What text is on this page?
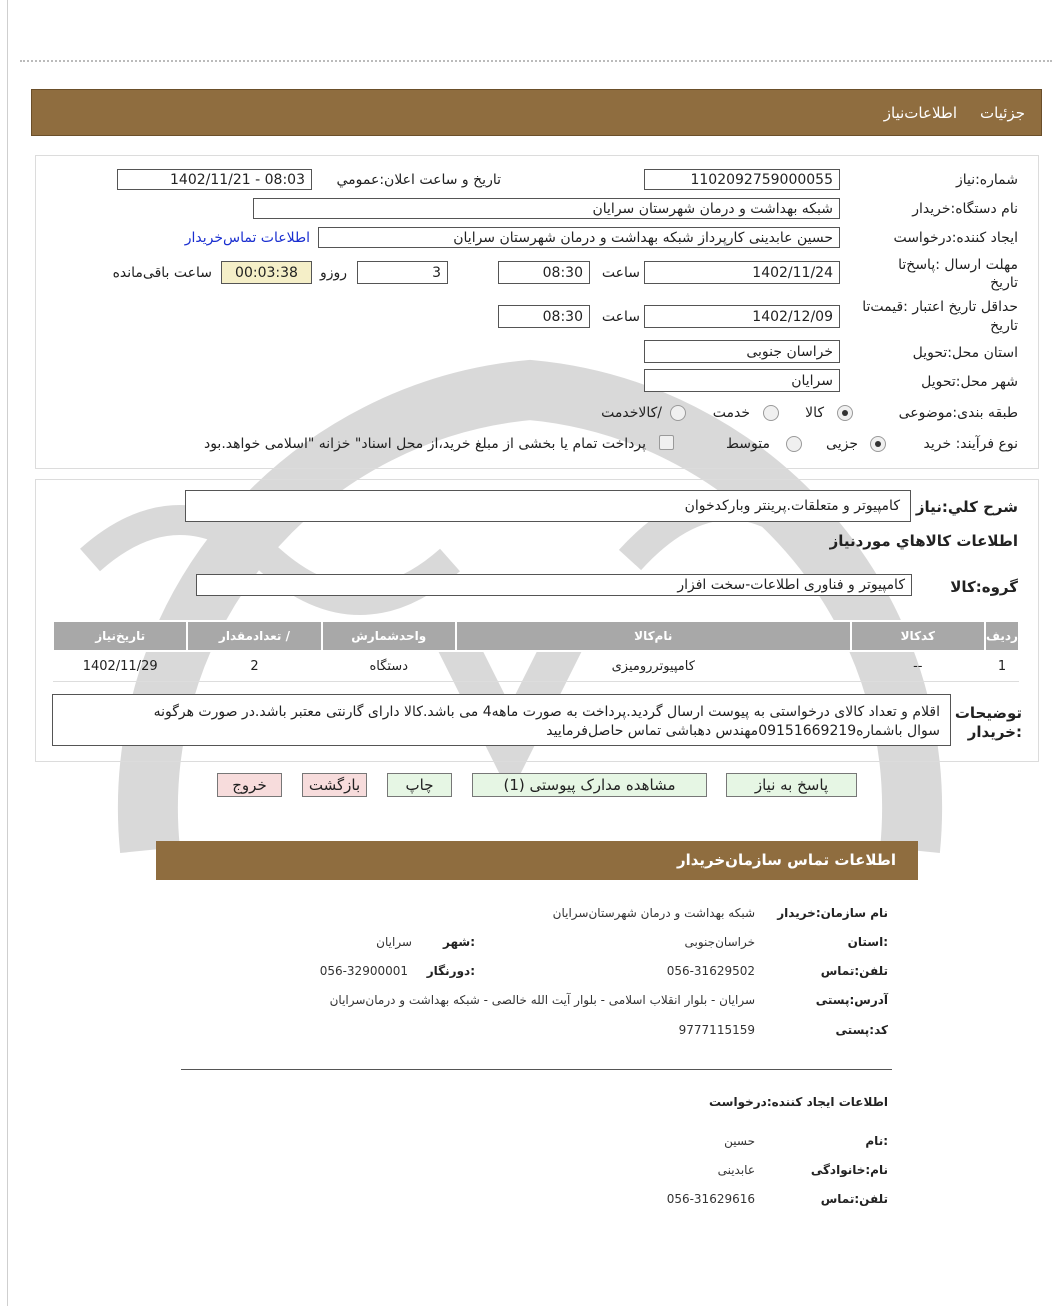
جزئیات
اطلاعات‌نیاز
شماره:نیاز
1102092759000055
تاریخ و ساعت اعلان:عمومي
1402/11/21 - 08:03
نام دستگاه:خریدار
شبکه بهداشت و درمان شهرستان سرایان
ایجاد کننده:درخواست
حسین عابدینی کارپرداز شبکه بهداشت و درمان شهرستان سرایان
اطلاعات تماس‌خریدار
مهلت ارسال :پاسخ‌تا تاریخ
1402/11/24
ساعت
08:30
3
روزو
00:03:38
ساعت باقی‌مانده
حداقل تاریخ اعتبار :قیمت‌تا تاریخ
1402/12/09
ساعت
08:30
استان محل:تحویل
خراسان جنوبی
شهر محل:تحویل
سرایان
طبقه بندی:موضوعی
کالا
خدمت
/کالاخدمت
نوع فرآیند: خرید
جزیی
متوسط
پرداخت تمام یا بخشی از مبلغ خرید،از محل اسناد" خزانه "اسلامی خواهد.بود
شرح کلي:نیاز
کامپیوتر و متعلقات.پرینتر وبارکدخوان
اطلاعات کالاهاي موردنیاز
گروه:کالا
کامپیوتر و فناوری اطلاعات-سخت افزار
ردیف	کدکالا	نام‌کالا	واحدشمارش	/ تعدادمقدار	تاریخ‌نیاز
1	--	کامپیوتررومیزی	دستگاه	2	1402/11/29
توضیحات :خریدار
اقلام و تعداد کالای درخواستی به پیوست ارسال گردید.پرداخت به صورت ماهه4 می باشد.کالا دارای گارنتی معتبر باشد.در صورت هرگونه
سوال باشماره09151669219مهندس دهباشی تماس حاصل‌فرمایید
پاسخ به نیاز
مشاهده مدارک پیوستی (1)
چاپ
بازگشت
خروج
اطلاعات تماس سازمان‌خریدار
نام سازمان:خریدار
شبکه بهداشت و درمان شهرستان‌سرایان
:استان
خراسان‌جنوبی
:شهر
سرایان
تلفن:تماس
056-31629502
:دورنگار
056-32900001
آدرس:پستی
سرایان - بلوار انقلاب اسلامی - بلوار آیت الله خالصی - شبکه بهداشت و درمان‌سرایان
کد:پستی
9777115159
اطلاعات ایجاد کننده:درخواست
:نام
حسین
نام:خانوادگی
عابدینی
تلفن:تماس
056-31629616
